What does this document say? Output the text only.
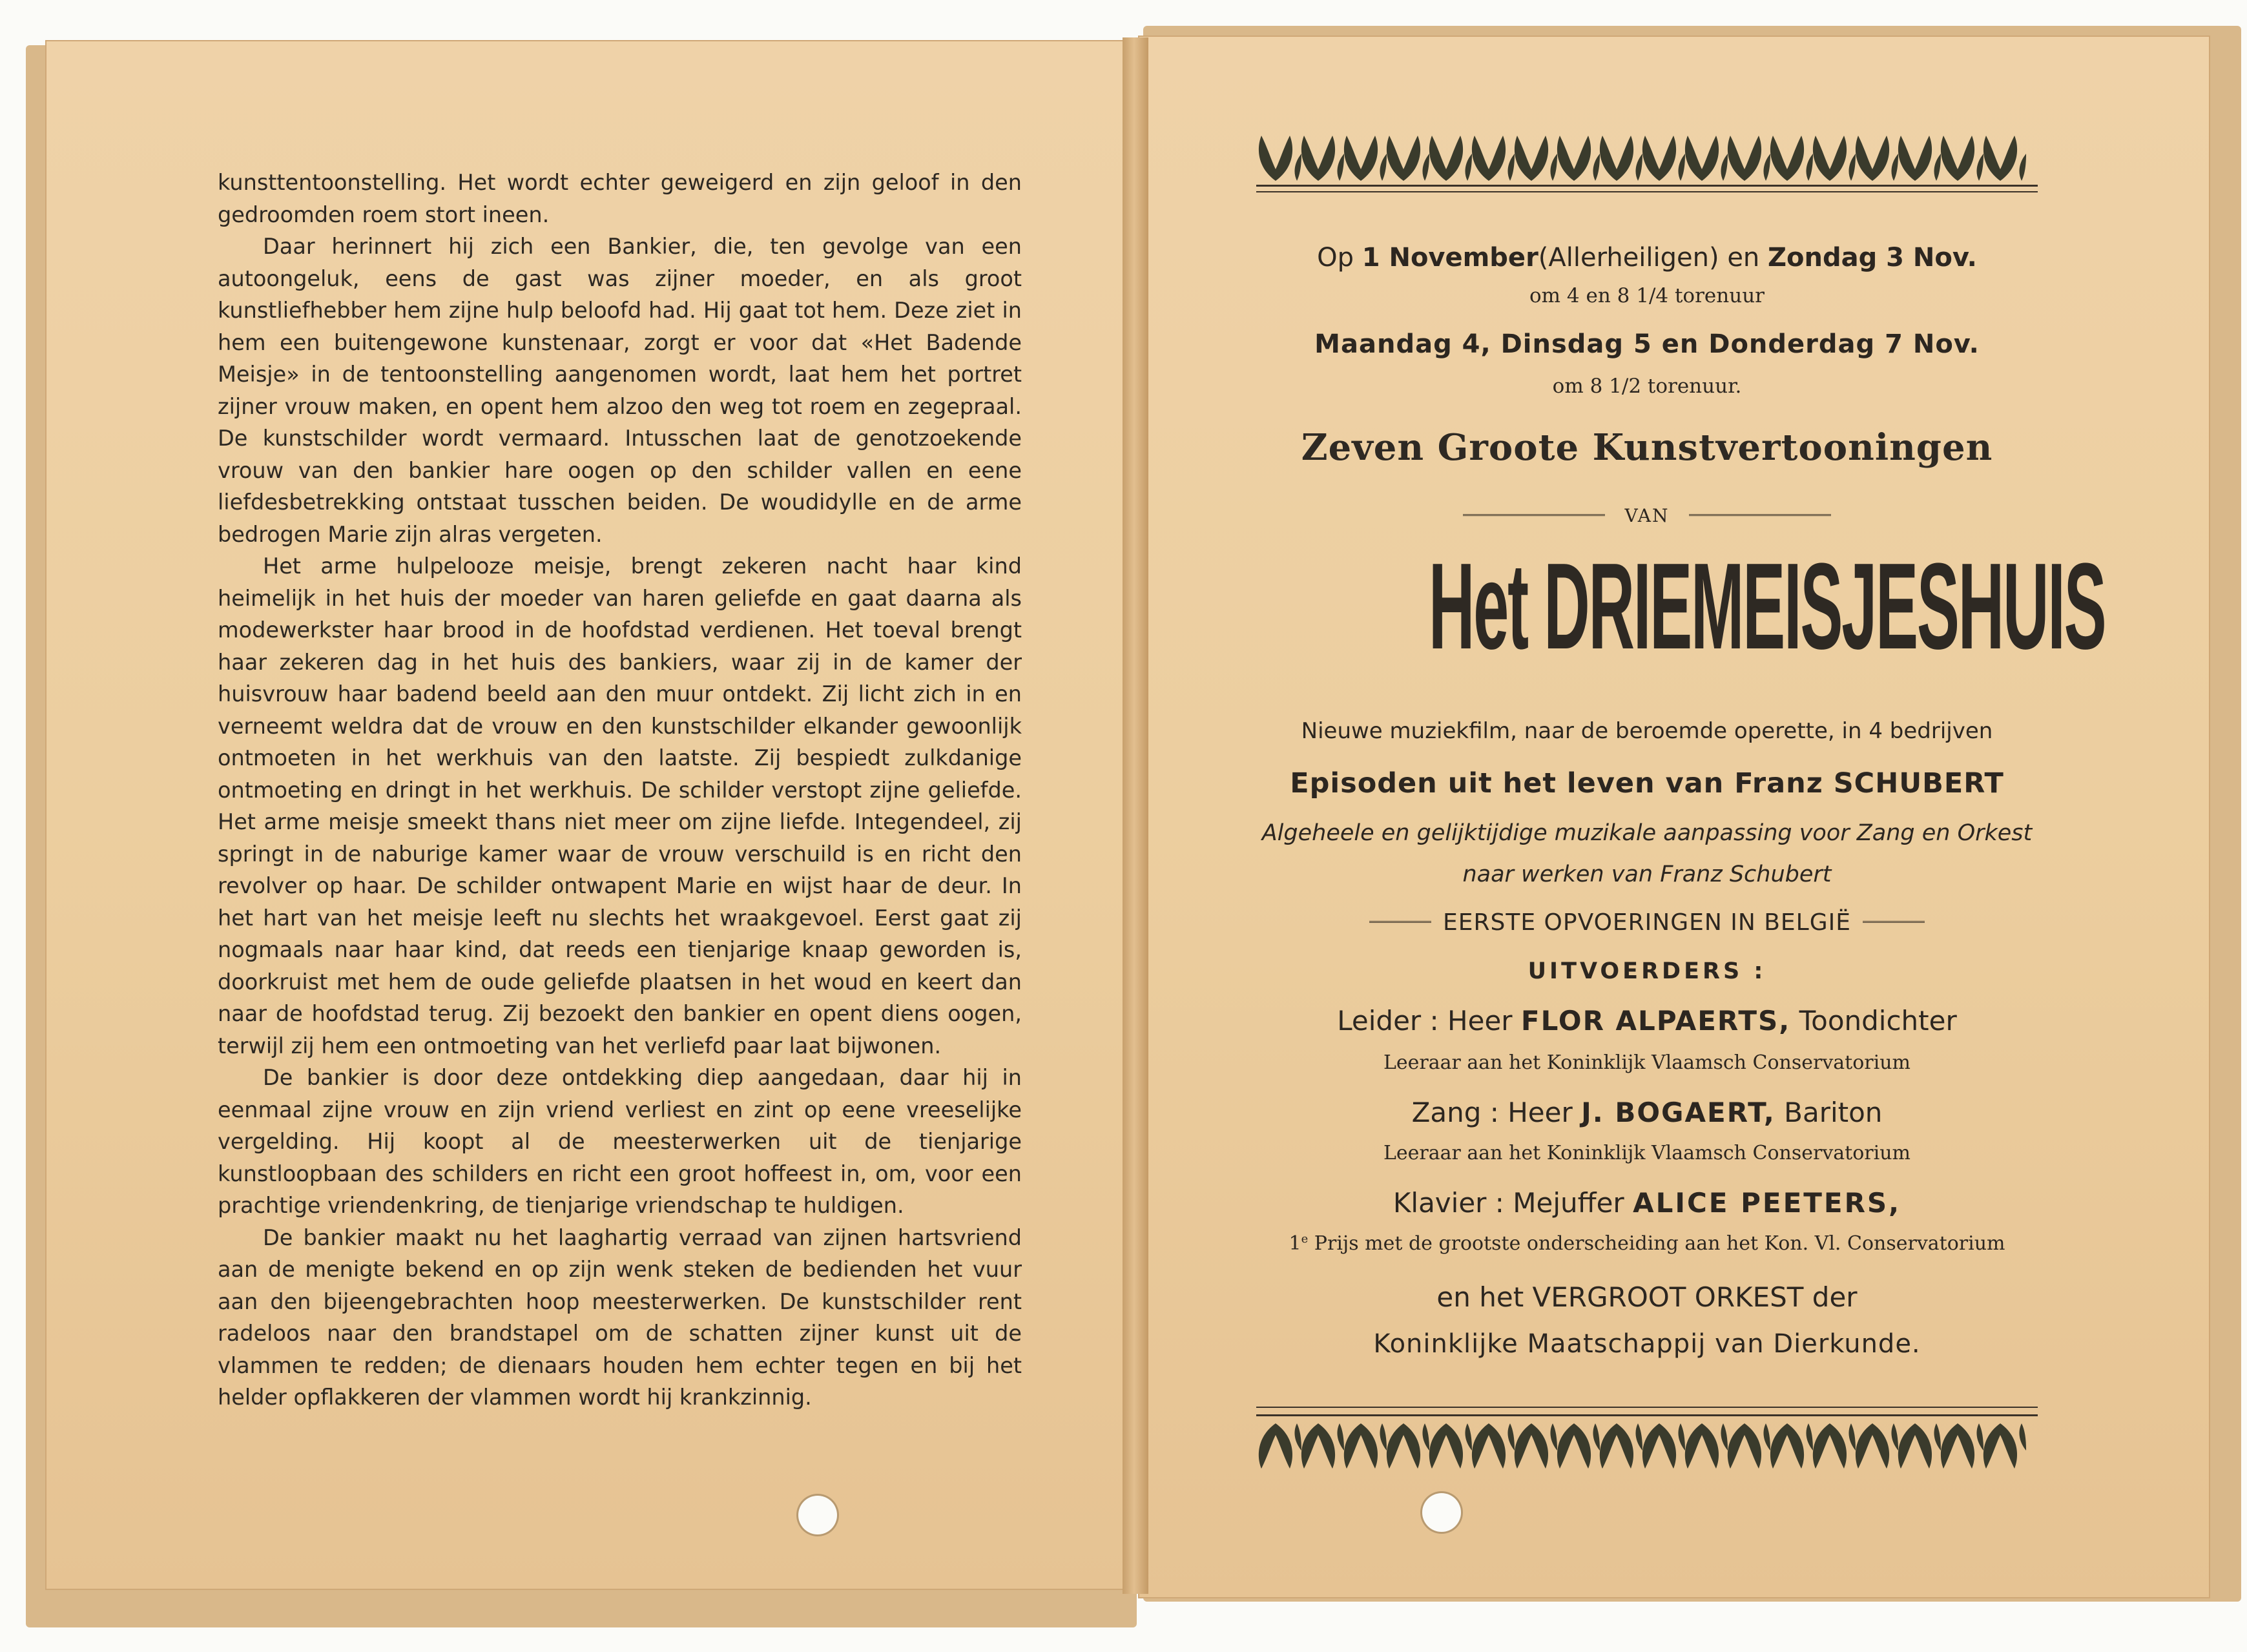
kunsttentoonstelling. Het wordt echter geweigerd en zijn geloof in den gedroomden roem stort ineen.

Daar herinnert hij zich een Bankier, die, ten gevolge van een autoongeluk, eens de gast was zijner moeder, en als groot kunstliefhebber hem zijne hulp beloofd had. Hij gaat tot hem. Deze ziet in hem een buitengewone kunstenaar, zorgt er voor dat «Het Badende Meisje» in de tentoonstelling aangenomen wordt, laat hem het portret zijner vrouw maken, en opent hem alzoo den weg tot roem en zegepraal. De kunstschilder wordt vermaard. Intusschen laat de genotzoekende vrouw van den bankier hare oogen op den schilder vallen en eene liefdesbetrekking ontstaat tusschen beiden. De woudidylle en de arme bedrogen Marie zijn alras vergeten.

Het arme hulpelooze meisje, brengt zekeren nacht haar kind heimelijk in het huis der moeder van haren geliefde en gaat daarna als modewerkster haar brood in de hoofdstad verdienen. Het toeval brengt haar zekeren dag in het huis des bankiers, waar zij in de kamer der huisvrouw haar badend beeld aan den muur ontdekt. Zij licht zich in en verneemt weldra dat de vrouw en den kunstschilder elkander gewoonlijk ontmoeten in het werkhuis van den laatste. Zij bespiedt zulkdanige ontmoeting en dringt in het werkhuis. De schilder verstopt zijne geliefde. Het arme meisje smeekt thans niet meer om zijne liefde. Integendeel, zij springt in de naburige kamer waar de vrouw verschuild is en richt den revolver op haar. De schilder ontwapent Marie en wijst haar de deur. In het hart van het meisje leeft nu slechts het wraakgevoel. Eerst gaat zij nogmaals naar haar kind, dat reeds een tienjarige knaap geworden is, doorkruist met hem de oude geliefde plaatsen in het woud en keert dan naar de hoofdstad terug. Zij bezoekt den bankier en opent diens oogen, terwijl zij hem een ontmoeting van het verliefd paar laat bijwonen.

De bankier is door deze ontdekking diep aangedaan, daar hij in eenmaal zijne vrouw en zijn vriend verliest en zint op eene vreeselijke vergelding. Hij koopt al de meesterwerken uit de tienjarige kunstloopbaan des schilders en richt een groot hoffeest in, om, voor een prachtige vriendenkring, de tienjarige vriendschap te huldigen.

De bankier maakt nu het laaghartig verraad van zijnen hartsvriend aan de menigte bekend en op zijn wenk steken de bedienden het vuur aan den bijeengebrachten hoop meesterwerken. De kunstschilder rent radeloos naar den brandstapel om de schatten zijner kunst uit de vlammen te redden; de dienaars houden hem echter tegen en bij het helder opflakkeren der vlammen wordt hij krankzinnig.

Op 1 November(Allerheiligen) en Zondag 3 Nov.
om 4 en 8 1/4 torenuur
Maandag 4, Dinsdag 5 en Donderdag 7 Nov.
om 8 1/2 torenuur.
Zeven Groote Kunstvertooningen
VAN
Het DRIEMEISJESHUIS
Nieuwe muziekfilm, naar de beroemde operette, in 4 bedrijven
Episoden uit het leven van Franz SCHUBERT
Algeheele en gelijktijdige muzikale aanpassing voor Zang en Orkest
naar werken van Franz Schubert
EERSTE OPVOERINGEN IN BELGIË
UITVOERDERS :
Leider : Heer FLOR ALPAERTS, Toondichter
Leeraar aan het Koninklijk Vlaamsch Conservatorium
Zang : Heer J. BOGAERT, Bariton
Leeraar aan het Koninklijk Vlaamsch Conservatorium
Klavier : Mejuffer ALICE PEETERS,
1e Prijs met de grootste onderscheiding aan het Kon. Vl. Conservatorium
en het VERGROOT ORKEST der
Koninklijke Maatschappij van Dierkunde.
